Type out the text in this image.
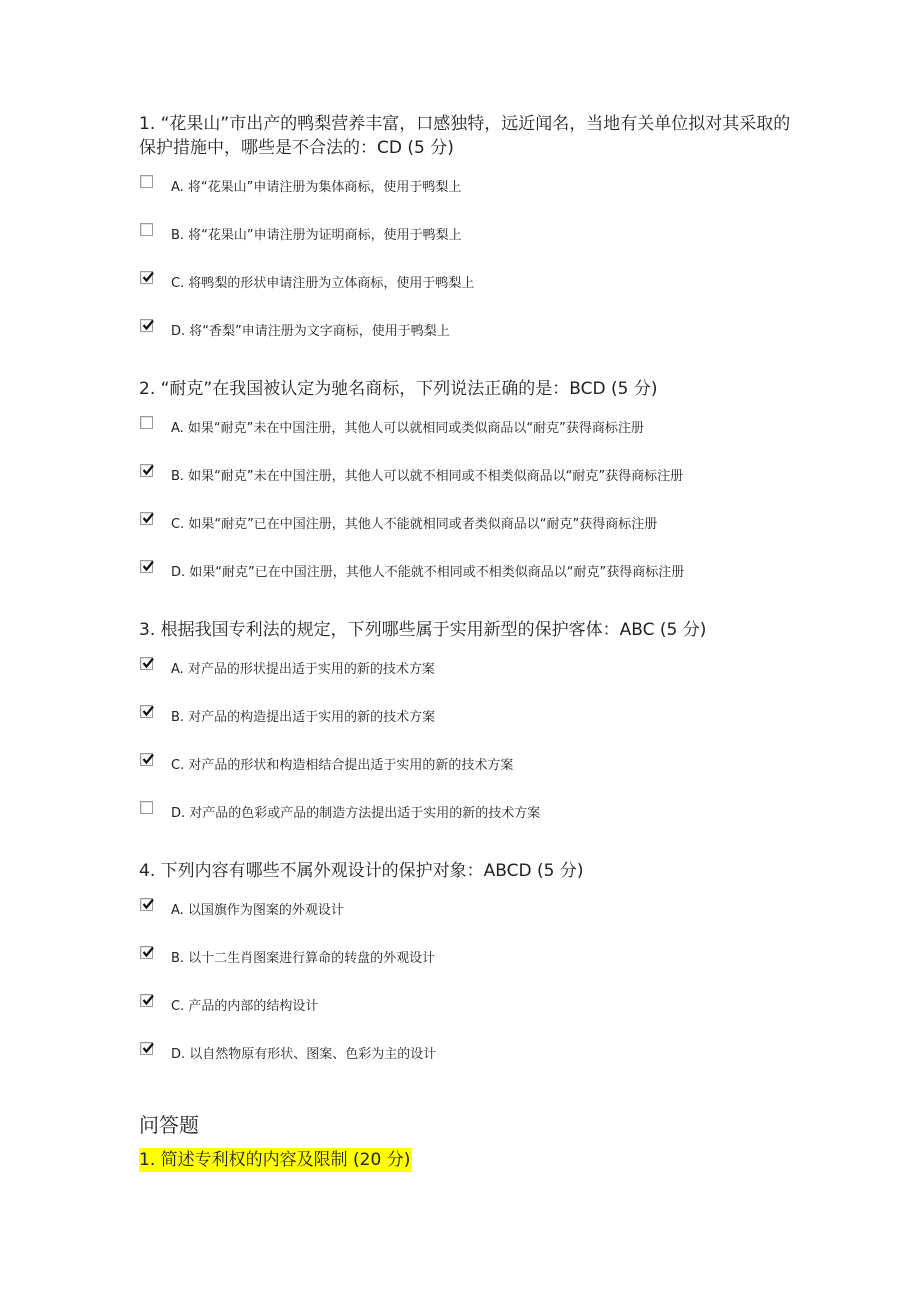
1. “花果山”市出产的鸭梨营养丰富，口感独特，远近闻名，当地有关单位拟对其采取的保护措施中，哪些是不合法的：CD (5 分)
A. 将“花果山”申请注册为集体商标，使用于鸭梨上
B. 将“花果山”申请注册为证明商标，使用于鸭梨上
C. 将鸭梨的形状申请注册为立体商标，使用于鸭梨上
D. 将“香梨”申请注册为文字商标，使用于鸭梨上
2. “耐克”在我国被认定为驰名商标，下列说法正确的是：BCD (5 分)
A. 如果“耐克”未在中国注册，其他人可以就相同或类似商品以“耐克”获得商标注册
B. 如果“耐克”未在中国注册，其他人可以就不相同或不相类似商品以“耐克”获得商标注册
C. 如果“耐克”已在中国注册，其他人不能就相同或者类似商品以“耐克”获得商标注册
D. 如果“耐克”已在中国注册，其他人不能就不相同或不相类似商品以“耐克”获得商标注册
3. 根据我国专利法的规定，下列哪些属于实用新型的保护客体：ABC (5 分)
A. 对产品的形状提出适于实用的新的技术方案
B. 对产品的构造提出适于实用的新的技术方案
C. 对产品的形状和构造相结合提出适于实用的新的技术方案
D. 对产品的色彩或产品的制造方法提出适于实用的新的技术方案
4. 下列内容有哪些不属外观设计的保护对象：ABCD (5 分)
A. 以国旗作为图案的外观设计
B. 以十二生肖图案进行算命的转盘的外观设计
C. 产品的内部的结构设计
D. 以自然物原有形状、图案、色彩为主的设计
问答题
1. 简述专利权的内容及限制 (20 分)
